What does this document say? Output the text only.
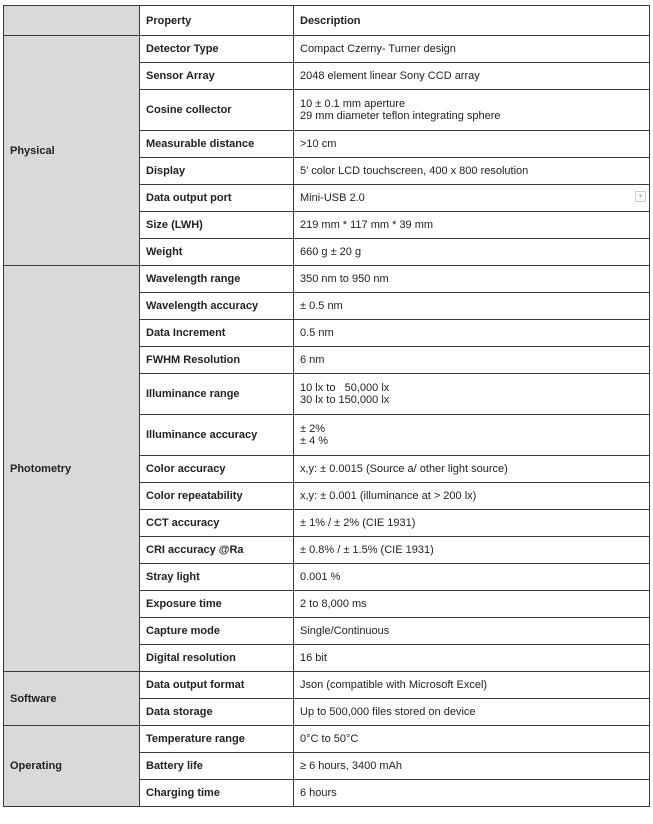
	Property	Description
Physical	Detector Type	Compact Czerny- Turner design

	Sensor Array	2048 element linear Sony CCD array

	Cosine collector	10 ± 0.1 mm aperture
29 mm diameter teflon integrating sphere

	Measurable distance	>10 cm

	Display	5’ color LCD touchscreen, 400 x 800 resolution

	Data output port	Mini-USB 2.0 ▾

	Size (LWH)	219 mm * 117 mm * 39 mm

	Weight	660 g ± 20 g

Photometry	Wavelength range	350 nm to 950 nm

	Wavelength accuracy	± 0.5 nm

	Data Increment	0.5 nm

	FWHM Resolution	6 nm

	Illuminance range	10 lx to   50,000 lx
30 lx to 150,000 lx

	Illuminance accuracy	± 2%
± 4 %

	Color accuracy	x,y: ± 0.0015 (Source a/ other light source)

	Color repeatability	x,y: ± 0.001 (illuminance at > 200 lx)

	CCT accuracy	± 1% / ± 2% (CIE 1931)

	CRI accuracy @Ra	± 0.8% / ± 1.5% (CIE 1931)

	Stray light	0.001 %

	Exposure time	2 to 8,000 ms

	Capture mode	Single/Continuous

	Digital resolution	16 bit

Software	Data output format	Json (compatible with Microsoft Excel)

	Data storage	Up to 500,000 files stored on device

Operating	Temperature range	0°C to 50°C

	Battery life	≥ 6 hours, 3400 mAh

	Charging time	6 hours
